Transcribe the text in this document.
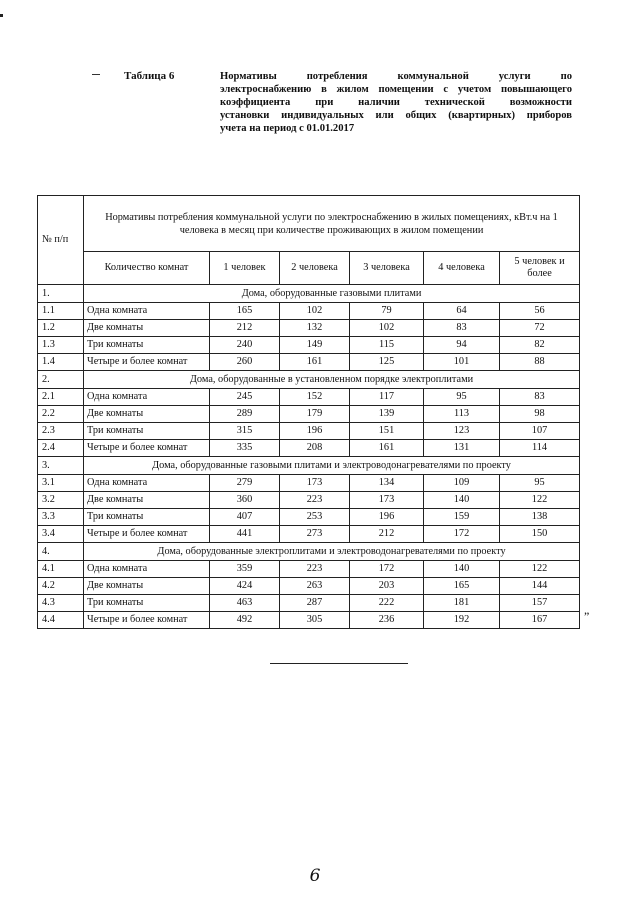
Таблица 6	Нормативы потребления коммунальной услуги по
электроснабжению в жилом помещении с учетом повышающего
коэффициента при наличии технической возможности
установки индивидуальных или общих (квартирных) приборов
учета на период с 01.01.2017
№ п/п	Нормативы потребления коммунальной услуги по электроснабжению в жилых помещениях, кВт.ч на 1 человека в месяц при количестве проживающих в жилом помещении					
	Количество комнат	1 человек	2 человека	3 человека	4 человека	5 человек и более
1.	Дома, оборудованные газовыми плитами					
1.1	Одна комната	165	102	79	64	56
1.2	Две комнаты	212	132	102	83	72
1.3	Три комнаты	240	149	115	94	82
1.4	Четыре и более комнат	260	161	125	101	88
2.	Дома, оборудованные в установленном порядке электроплитами					
2.1	Одна комната	245	152	117	95	83
2.2	Две комнаты	289	179	139	113	98
2.3	Три комнаты	315	196	151	123	107
2.4	Четыре и более комнат	335	208	161	131	114
3.	Дома, оборудованные газовыми плитами и электроводонагревателями по проекту					
3.1	Одна комната	279	173	134	109	95
3.2	Две комнаты	360	223	173	140	122
3.3	Три комнаты	407	253	196	159	138
3.4	Четыре и более комнат	441	273	212	172	150
4.	Дома, оборудованные электроплитами и электроводонагревателями по проекту					
4.1	Одна комната	359	223	172	140	122
4.2	Две комнаты	424	263	203	165	144
4.3	Три комнаты	463	287	222	181	157
4.4	Четыре и более комнат	492	305	236	192	167	”
6
